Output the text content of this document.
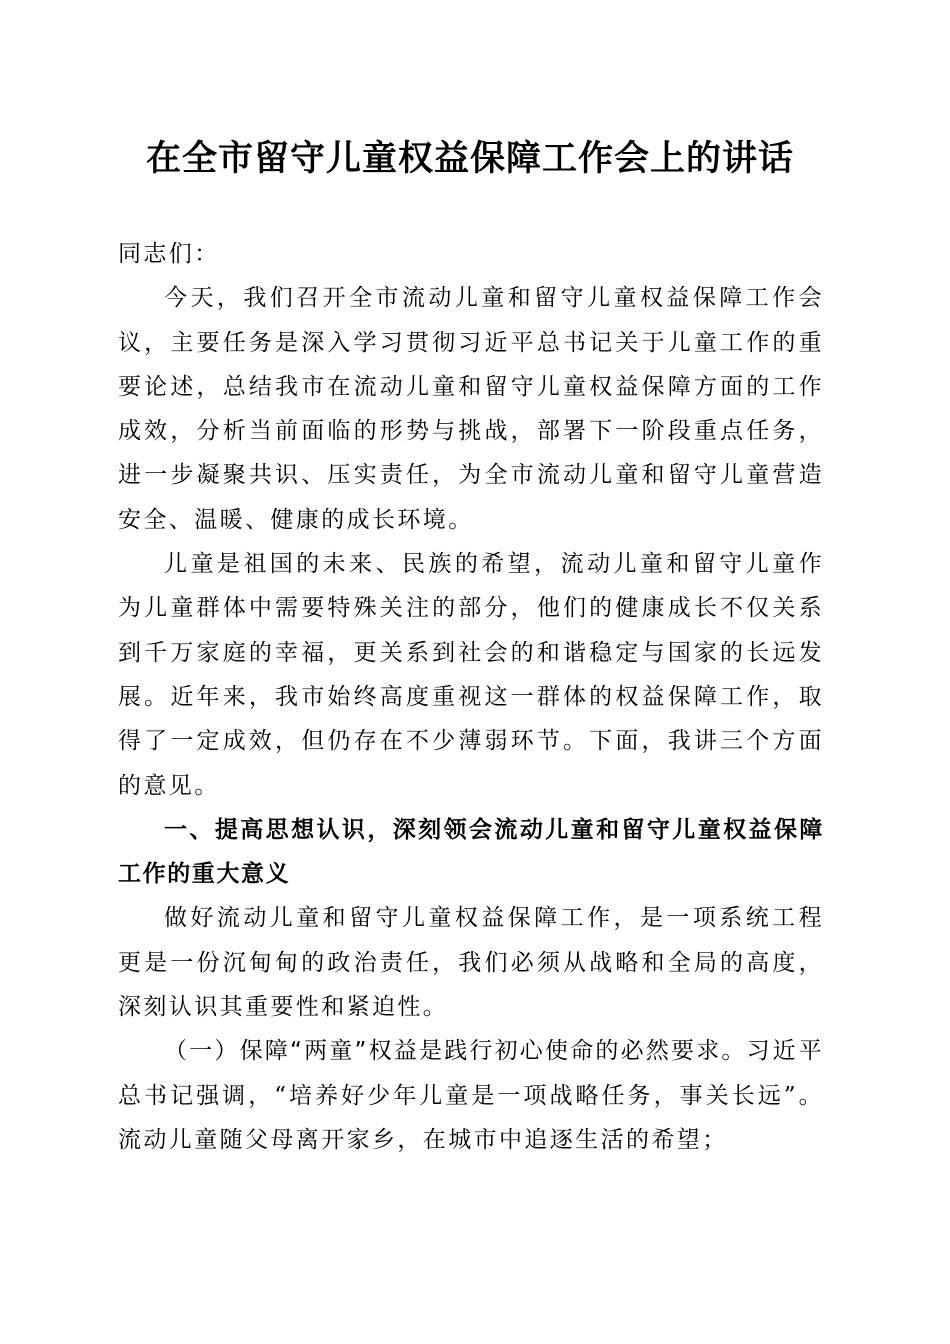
在全市留守儿童权益保障工作会上的讲话

同志们：

今天，我们召开全市流动儿童和留守儿童权益保障工作会议，主要任务是深入学习贯彻习近平总书记关于儿童工作的重要论述，总结我市在流动儿童和留守儿童权益保障方面的工作成效，分析当前面临的形势与挑战，部署下一阶段重点任务，进一步凝聚共识、压实责任，为全市流动儿童和留守儿童营造安全、温暖、健康的成长环境。

儿童是祖国的未来、民族的希望，流动儿童和留守儿童作为儿童群体中需要特殊关注的部分，他们的健康成长不仅关系到千万家庭的幸福，更关系到社会的和谐稳定与国家的长远发展。近年来，我市始终高度重视这一群体的权益保障工作，取得了一定成效，但仍存在不少薄弱环节。下面，我讲三个方面的意见。

一、提高思想认识，深刻领会流动儿童和留守儿童权益保障工作的重大意义

做好流动儿童和留守儿童权益保障工作，是一项系统工程更是一份沉甸甸的政治责任，我们必须从战略和全局的高度，深刻认识其重要性和紧迫性。

（一）保障“两童”权益是践行初心使命的必然要求。习近平总书记强调，“培养好少年儿童是一项战略任务，事关长远”。流动儿童随父母离开家乡，在城市中追逐生活的希望；
